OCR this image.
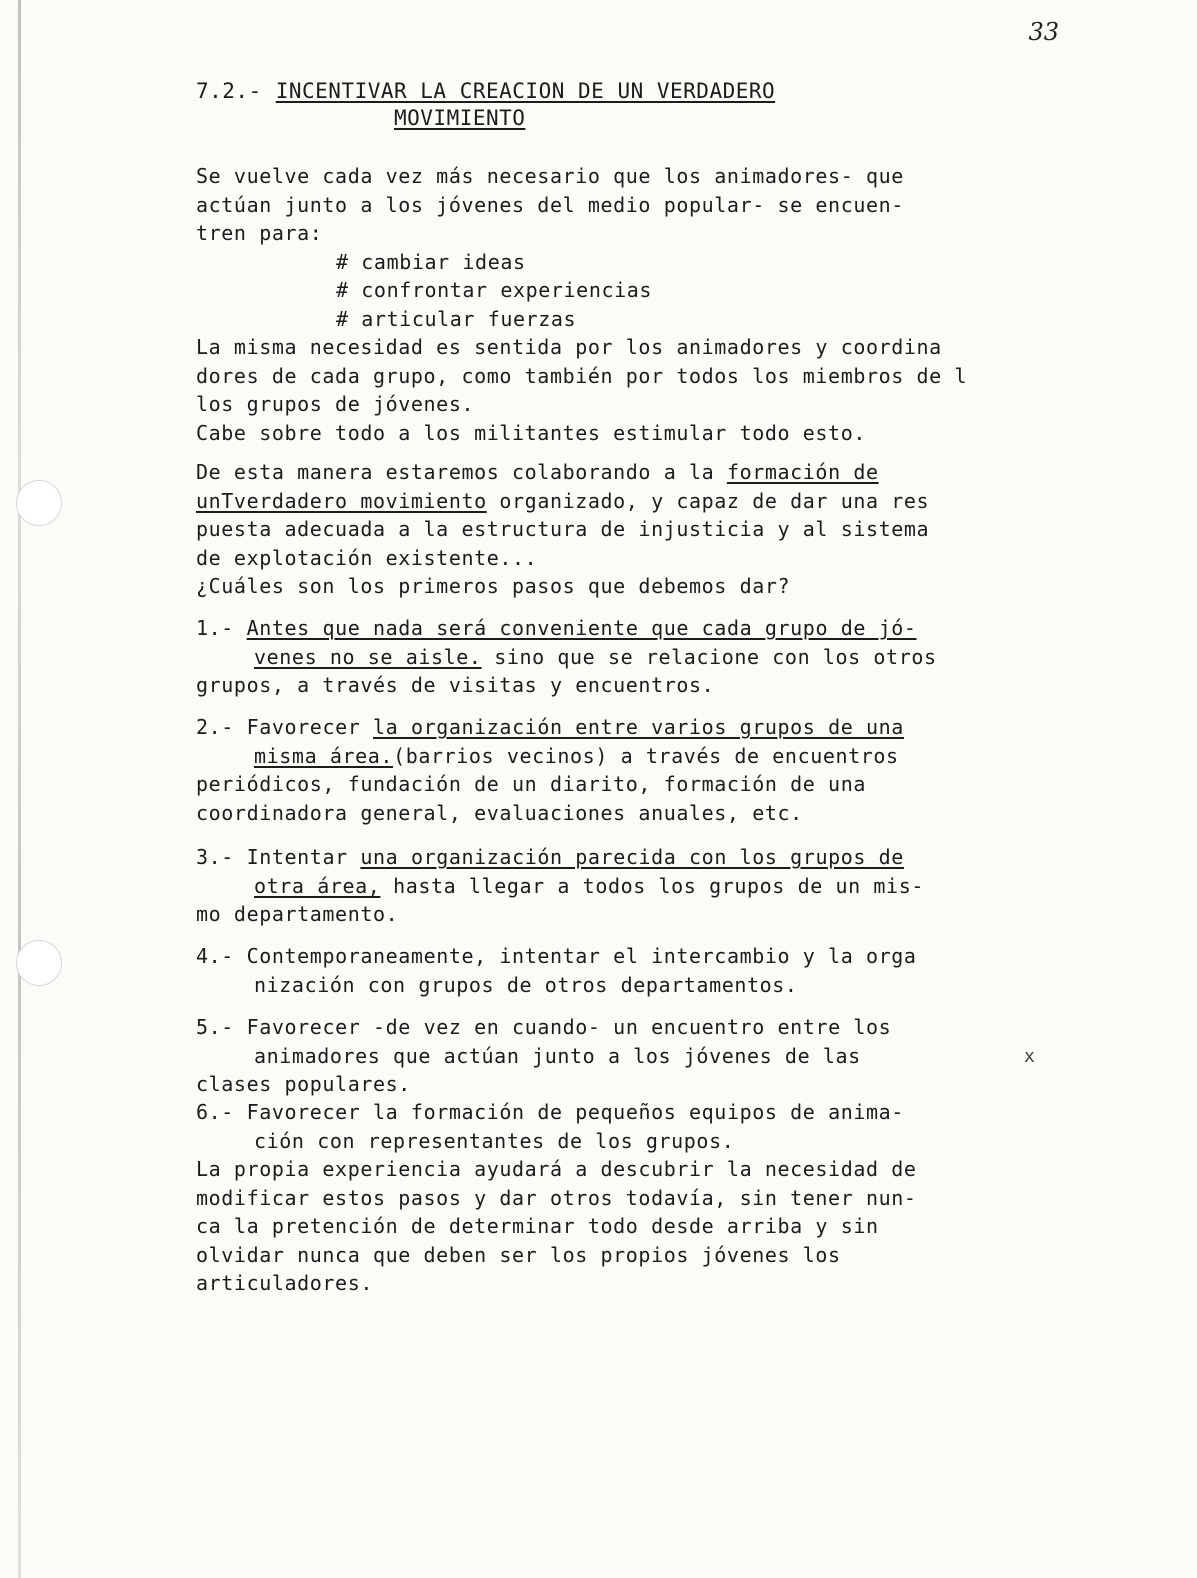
33
7.2.- INCENTIVAR LA CREACION DE UN VERDADERO
MOVIMIENTO
Se vuelve cada vez más necesario que los animadores- que
actúan junto a los jóvenes del medio popular- se encuen-
tren para:
# cambiar ideas
# confrontar experiencias
# articular fuerzas
La misma necesidad es sentida por los animadores y coordina
dores de cada grupo, como también por todos los miembros de l
los grupos de jóvenes.
Cabe sobre todo a los militantes estimular todo esto.
De esta manera estaremos colaborando a la formación de
unTverdadero movimiento organizado, y capaz de dar una res
puesta adecuada a la estructura de injusticia y al sistema
de explotación existente...
¿Cuáles son los primeros pasos que debemos dar?
1.- Antes que nada será conveniente que cada grupo de jó-

venes no se aisle. sino que se relacione con los otros
grupos, a través de visitas y encuentros.
2.- Favorecer la organización entre varios grupos de una

misma área.(barrios vecinos) a través de encuentros
periódicos, fundación de un diarito, formación de una
coordinadora general, evaluaciones anuales, etc.
3.- Intentar una organización parecida con los grupos de

otra área, hasta llegar a todos los grupos de un mis-
mo departamento.
4.- Contemporaneamente, intentar el intercambio y la orga

nización con grupos de otros departamentos.
5.- Favorecer -de vez en cuando- un encuentro entre los

animadores que actúan junto a los jóvenes de las
clases populares.
6.- Favorecer la formación de pequeños equipos de anima-

ción con representantes de los grupos.
La propia experiencia ayudará a descubrir la necesidad de
modificar estos pasos y dar otros todavía, sin tener nun-
ca la pretención de determinar todo desde arriba y sin
olvidar nunca que deben ser los propios jóvenes los
articuladores.
x
